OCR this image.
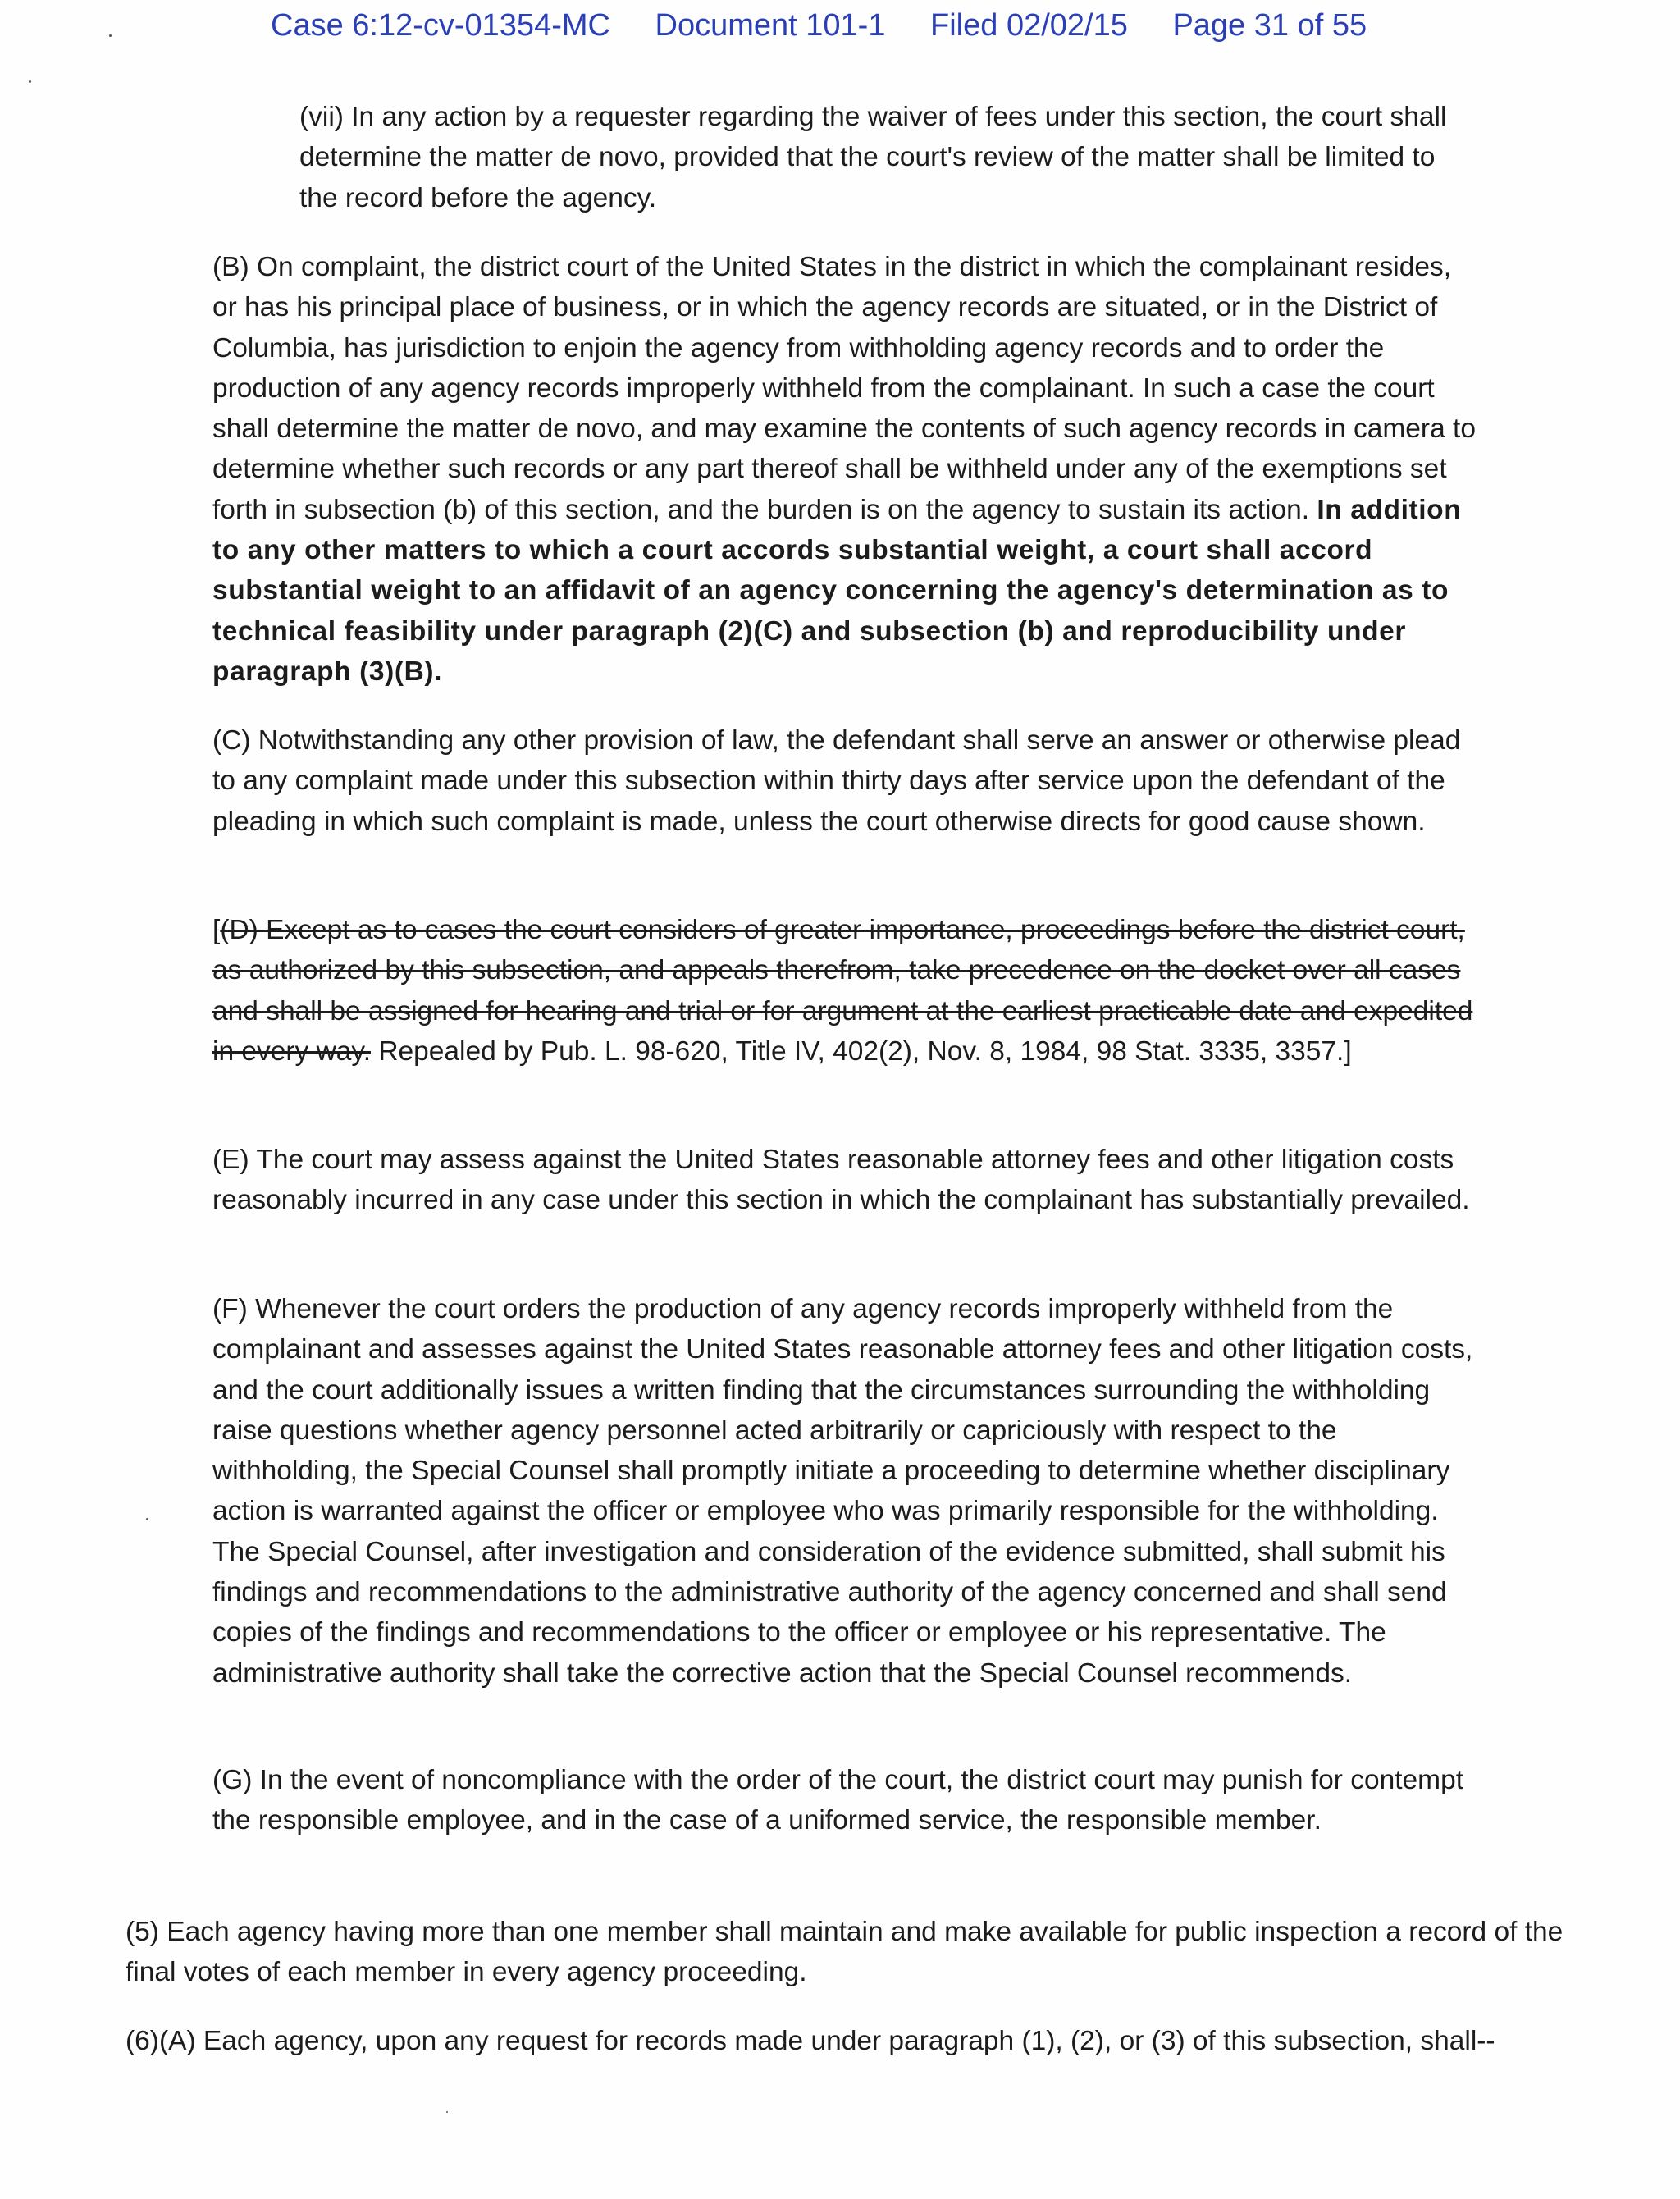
Case 6:12-cv-01354-MC Document 101-1 Filed 02/02/15 Page 31 of 55

(vii) In any action by a requester regarding the waiver of fees under this section, the court shall determine the matter de novo, provided that the court's review of the matter shall be limited to the record before the agency.

(B) On complaint, the district court of the United States in the district in which the complainant resides, or has his principal place of business, or in which the agency records are situated, or in the District of Columbia, has jurisdiction to enjoin the agency from withholding agency records and to order the production of any agency records improperly withheld from the complainant. In such a case the court shall determine the matter de novo, and may examine the contents of such agency records in camera to determine whether such records or any part thereof shall be withheld under any of the exemptions set forth in subsection (b) of this section, and the burden is on the agency to sustain its action. In addition to any other matters to which a court accords substantial weight, a court shall accord substantial weight to an affidavit of an agency concerning the agency's determination as to technical feasibility under paragraph (2)(C) and subsection (b) and reproducibility under paragraph (3)(B).

(C) Notwithstanding any other provision of law, the defendant shall serve an answer or otherwise plead to any complaint made under this subsection within thirty days after service upon the defendant of the pleading in which such complaint is made, unless the court otherwise directs for good cause shown.

[(D) Except as to cases the court considers of greater importance, proceedings before the district court, as authorized by this subsection, and appeals therefrom, take precedence on the docket over all cases and shall be assigned for hearing and trial or for argument at the earliest practicable date and expedited in every way. Repealed by Pub. L. 98-620, Title IV, 402(2), Nov. 8, 1984, 98 Stat. 3335, 3357.]

(E) The court may assess against the United States reasonable attorney fees and other litigation costs reasonably incurred in any case under this section in which the complainant has substantially prevailed.

(F) Whenever the court orders the production of any agency records improperly withheld from the complainant and assesses against the United States reasonable attorney fees and other litigation costs, and the court additionally issues a written finding that the circumstances surrounding the withholding raise questions whether agency personnel acted arbitrarily or capriciously with respect to the withholding, the Special Counsel shall promptly initiate a proceeding to determine whether disciplinary action is warranted against the officer or employee who was primarily responsible for the withholding. The Special Counsel, after investigation and consideration of the evidence submitted, shall submit his findings and recommendations to the administrative authority of the agency concerned and shall send copies of the findings and recommendations to the officer or employee or his representative. The administrative authority shall take the corrective action that the Special Counsel recommends.

(G) In the event of noncompliance with the order of the court, the district court may punish for contempt the responsible employee, and in the case of a uniformed service, the responsible member.

(5) Each agency having more than one member shall maintain and make available for public inspection a record of the final votes of each member in every agency proceeding.

(6)(A) Each agency, upon any request for records made under paragraph (1), (2), or (3) of this subsection, shall--
